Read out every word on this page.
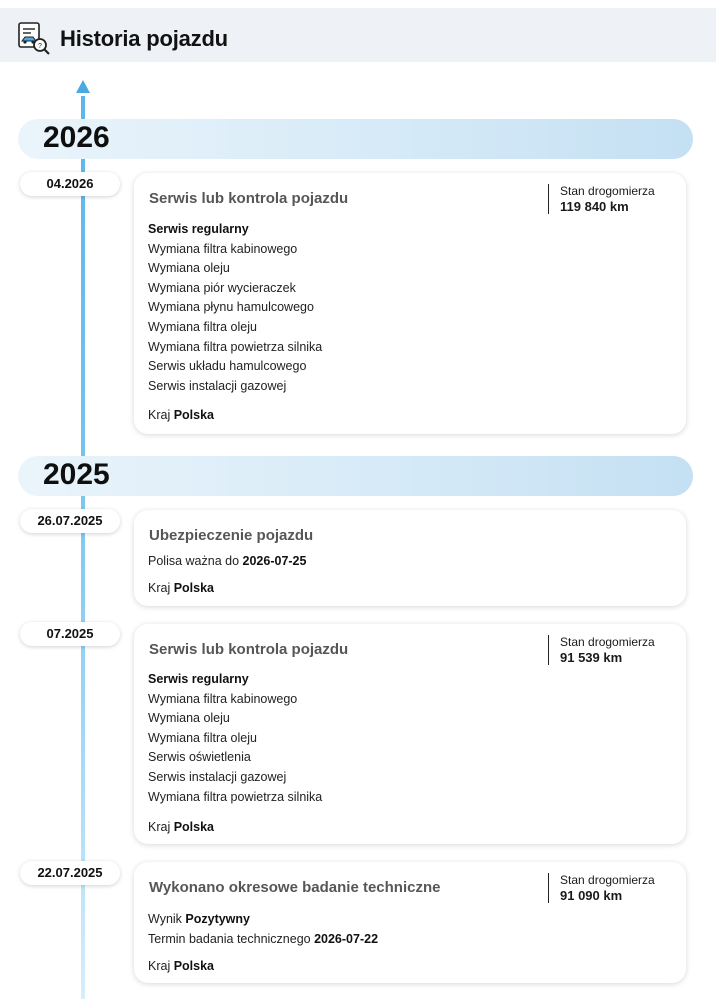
? Historia pojazdu
2026
04.2026
Serwis lub kontrola pojazdu	Stan drogomierza
119 840 km
Serwis regularny
Wymiana filtra kabinowego
Wymiana oleju
Wymiana piór wycieraczek
Wymiana płynu hamulcowego
Wymiana filtra oleju
Wymiana filtra powietrza silnika
Serwis układu hamulcowego
Serwis instalacji gazowej
Kraj Polska
2025
26.07.2025
Ubezpieczenie pojazdu
Polisa ważna do 2026-07-25
Kraj Polska
07.2025
Serwis lub kontrola pojazdu	Stan drogomierza
91 539 km
Serwis regularny
Wymiana filtra kabinowego
Wymiana oleju
Wymiana filtra oleju
Serwis oświetlenia
Serwis instalacji gazowej
Wymiana filtra powietrza silnika
Kraj Polska
22.07.2025
Wykonano okresowe badanie techniczne	Stan drogomierza
91 090 km
Wynik Pozytywny
Termin badania technicznego 2026-07-22
Kraj Polska
